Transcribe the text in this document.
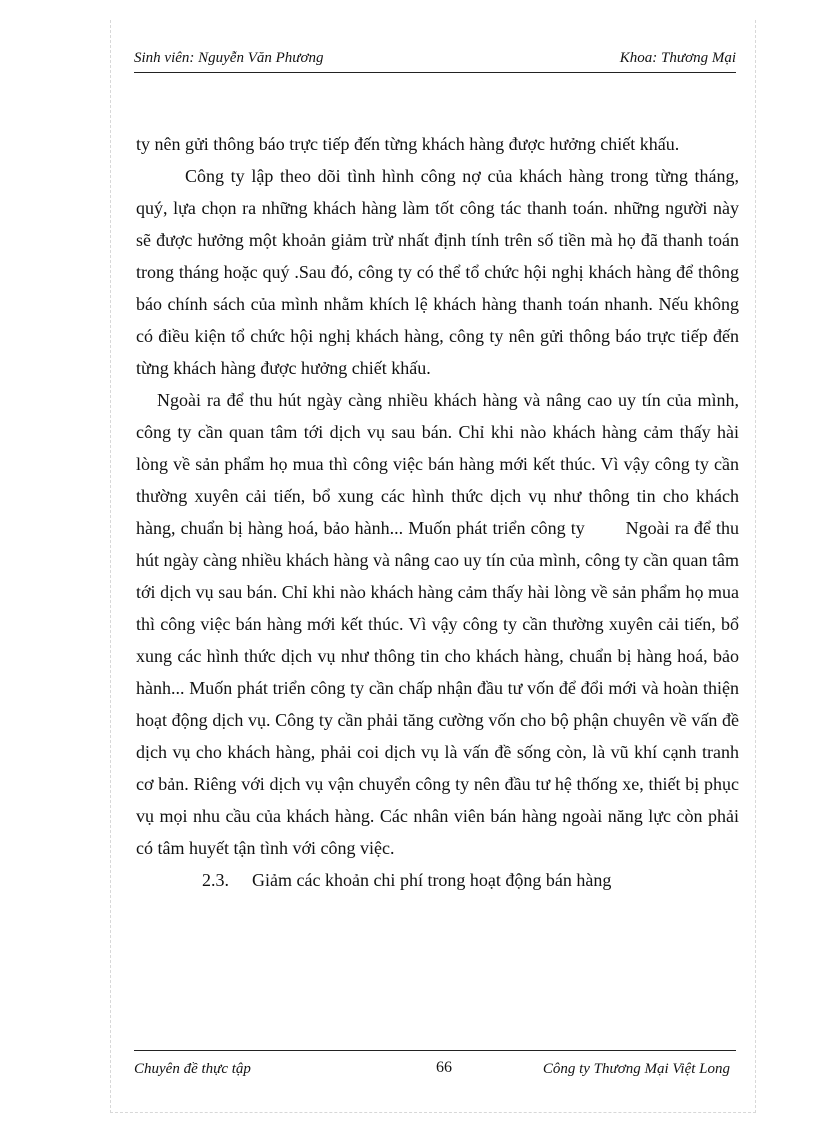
Sinh viên: Nguyễn Văn Phương	Khoa: Thương Mại

ty nên gửi thông báo trực tiếp đến từng khách hàng được hưởng chiết khấu.

Công ty lập theo dõi tình hình công nợ của khách hàng trong từng tháng, quý, lựa chọn ra những khách hàng làm tốt công tác thanh toán. những người này sẽ được hưởng một khoản giảm trừ nhất định tính trên số tiền mà họ đã thanh toán trong tháng hoặc quý .Sau đó, công ty có thể tổ chức hội nghị khách hàng để thông báo chính sách của mình nhằm khích lệ khách hàng thanh toán nhanh. Nếu không có điều kiện tổ chức hội nghị khách hàng, công ty nên gửi thông báo trực tiếp đến từng khách hàng được hưởng chiết khấu.

Ngoài ra để thu hút ngày càng nhiều khách hàng và nâng cao uy tín của mình, công ty cần quan tâm tới dịch vụ sau bán. Chỉ khi nào khách hàng cảm thấy hài lòng về sản phẩm họ mua thì công việc bán hàng mới kết thúc. Vì vậy công ty cần thường xuyên cải tiến, bổ xung các hình thức dịch vụ như thông tin cho khách hàng, chuẩn bị hàng hoá, bảo hành... Muốn phát triển công ty        Ngoài ra để thu hút ngày càng nhiều khách hàng và nâng cao uy tín của mình, công ty cần quan tâm tới dịch vụ sau bán. Chỉ khi nào khách hàng cảm thấy hài lòng về sản phẩm họ mua  thì công việc bán hàng mới kết thúc. Vì vậy công ty cần thường xuyên cải tiến, bổ xung các hình thức dịch vụ như thông tin cho khách hàng, chuẩn bị hàng hoá, bảo hành... Muốn phát triển công ty cần chấp nhận đầu tư vốn để đổi mới và hoàn thiện hoạt động dịch vụ. Công ty cần phải tăng cường vốn cho bộ phận chuyên về vấn đề dịch vụ cho khách hàng, phải coi dịch vụ là vấn đề sống còn, là vũ khí cạnh tranh cơ bản. Riêng với dịch vụ vận chuyển công ty nên đầu tư hệ thống xe, thiết bị phục vụ mọi nhu cầu của khách hàng. Các nhân viên bán hàng ngoài năng lực còn phải có tâm huyết tận tình với công việc.

2.3. Giảm các khoản chi phí trong hoạt động bán hàng

Chuyên đề thực tập	66	Công ty Thương Mại Việt Long
